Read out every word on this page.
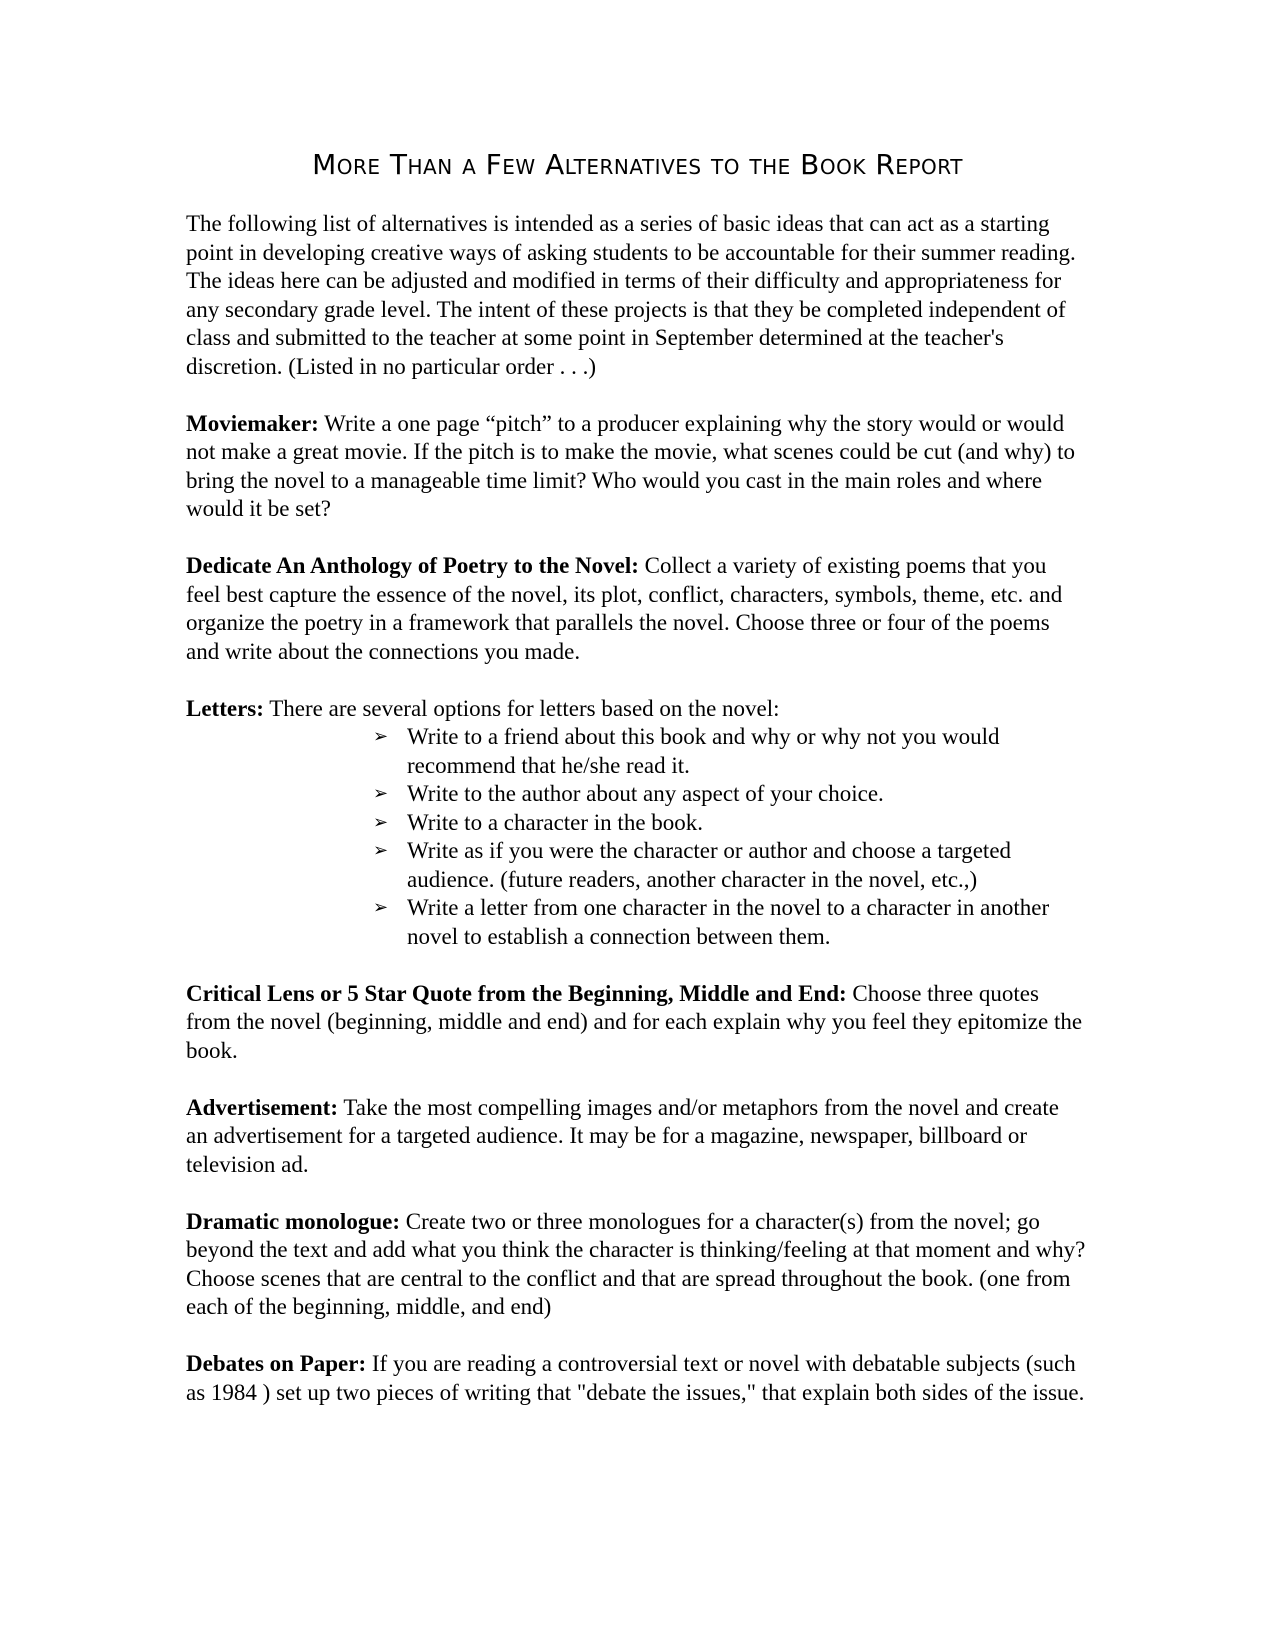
More Than a Few Alternatives to the Book Report

The following list of alternatives is intended as a series of basic ideas that can act as a starting point in developing creative ways of asking students to be accountable for their summer reading. The ideas here can be adjusted and modified in terms of their difficulty and appropriateness for any secondary grade level. The intent of these projects is that they be completed independent of class and submitted to the teacher at some point in September determined at the teacher's discretion. (Listed in no particular order . . .)

Moviemaker: Write a one page “pitch” to a producer explaining why the story would or would not make a great movie. If the pitch is to make the movie, what scenes could be cut (and why) to bring the novel to a manageable time limit? Who would you cast in the main roles and where would it be set?

Dedicate An Anthology of Poetry to the Novel: Collect a variety of existing poems that you feel best capture the essence of the novel, its plot, conflict, characters, symbols, theme, etc. and organize the poetry in a framework that parallels the novel. Choose three or four of the poems and write about the connections you made.

Letters: There are several options for letters based on the novel:

➢ Write to a friend about this book and why or why not you would recommend that he/she read it.
➢ Write to the author about any aspect of your choice.
➢ Write to a character in the book.
➢ Write as if you were the character or author and choose a targeted audience. (future readers, another character in the novel, etc.,)
➢ Write a letter from one character in the novel to a character in another novel to establish a connection between them.

Critical Lens or 5 Star Quote from the Beginning, Middle and End: Choose three quotes from the novel (beginning, middle and end) and for each explain why you feel they epitomize the book.

Advertisement: Take the most compelling images and/or metaphors from the novel and create an advertisement for a targeted audience. It may be for a magazine, newspaper, billboard or television ad.

Dramatic monologue: Create two or three monologues for a character(s) from the novel; go beyond the text and add what you think the character is thinking/feeling at that moment and why? Choose scenes that are central to the conflict and that are spread throughout the book. (one from each of the beginning, middle, and end)

Debates on Paper: If you are reading a controversial text or novel with debatable subjects (such as 1984 ) set up two pieces of writing that "debate the issues," that explain both sides of the issue.
